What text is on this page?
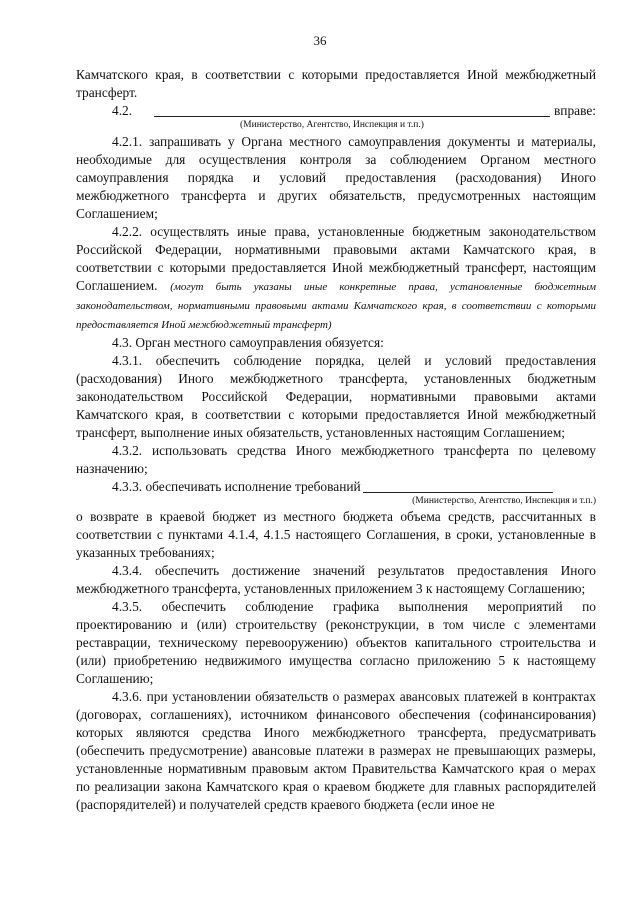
36

Камчатского края, в соответствии с которыми предоставляется Иной межбюджетный трансферт.

4.2.	вправе:
(Министерство, Агентство, Инспекция и т.п.)

4.2.1. запрашивать у Органа местного самоуправления документы и материалы, необходимые для осуществления контроля за соблюдением Органом местного самоуправления порядка и условий предоставления (расходования) Иного межбюджетного трансферта и других обязательств, предусмотренных настоящим Соглашением;

4.2.2. осуществлять иные права, установленные бюджетным законодательством Российской Федерации, нормативными правовыми актами Камчатского края, в соответствии с которыми предоставляется Иной межбюджетный трансферт, настоящим Соглашением. (могут быть указаны иные конкретные права, установленные бюджетным законодательством, нормативными правовыми актами Камчатского края, в соответствии с которыми предоставляется Иной межбюджетный трансферт)

4.3. Орган местного самоуправления обязуется:

4.3.1. обеспечить соблюдение порядка, целей и условий предоставления (расходования) Иного межбюджетного трансферта, установленных бюджетным законодательством Российской Федерации, нормативными правовыми актами Камчатского края, в соответствии с которыми предоставляется Иной межбюджетный трансферт, выполнение иных обязательств, установленных настоящим Соглашением;

4.3.2. использовать средства Иного межбюджетного трансферта по целевому назначению;

4.3.3. обеспечивать исполнение требований
(Министерство, Агентство, Инспекция и т.п.)

о возврате в краевой бюджет из местного бюджета объема средств, рассчитанных в соответствии с пунктами 4.1.4, 4.1.5 настоящего Соглашения, в сроки, установленные в указанных требованиях;

4.3.4. обеспечить достижение значений результатов предоставления Иного межбюджетного трансферта, установленных приложением 3 к настоящему Соглашению;

4.3.5. обеспечить соблюдение графика выполнения мероприятий по проектированию и (или) строительству (реконструкции, в том числе с элементами реставрации, техническому перевооружению) объектов капитального строительства и (или) приобретению недвижимого имущества согласно приложению 5 к настоящему Соглашению;

4.3.6. при установлении обязательств о размерах авансовых платежей в контрактах (договорах, соглашениях), источником финансового обеспечения (софинансирования) которых являются средства Иного межбюджетного трансферта, предусматривать (обеспечить предусмотрение) авансовые платежи в размерах не превышающих размеры, установленные нормативным правовым актом Правительства Камчатского края о мерах по реализации закона Камчатского края о краевом бюджете для главных распорядителей (распорядителей) и получателей средств краевого бюджета (если иное не
